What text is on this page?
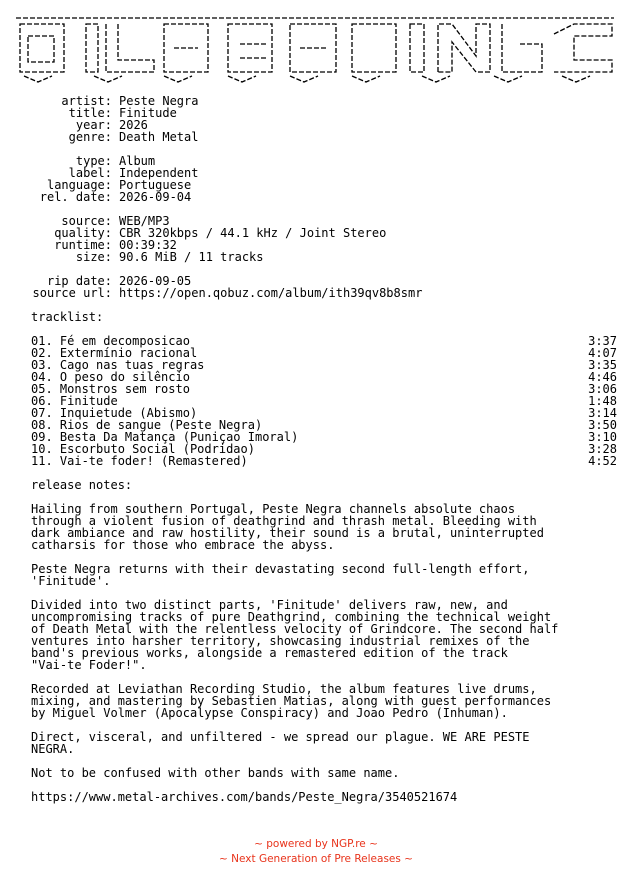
artist: Peste Negra
title: Finitude
year: 2026
genre: Death Metal
type: Album
label: Independent
language: Portuguese
rel. date: 2026-09-04
source: WEB/MP3
quality: CBR 320kbps / 44.1 kHz / Joint Stereo
runtime: 00:39:32
size: 90.6 MiB / 11 tracks
rip date: 2026-09-05
source url: https://open.qobuz.com/album/ith39qv8b8smr
tracklist:
01. Fé em decomposicao	3:37
02. Extermínio racional	4:07
03. Cago nas tuas regras	3:35
04. O peso do silêncio	4:46
05. Monstros sem rosto	3:06
06. Finitude	1:48
07. Inquietude (Abismo)	3:14
08. Rios de sangue (Peste Negra)	3:50
09. Besta Da Matança (Puniçao Imoral)	3:10
10. Escorbuto Social (Podridao)	3:28
11. Vai-te foder! (Remastered)	4:52
release notes:
Hailing from southern Portugal, Peste Negra channels absolute chaos
through a violent fusion of deathgrind and thrash metal. Bleeding with
dark ambiance and raw hostility, their sound is a brutal, uninterrupted
catharsis for those who embrace the abyss.
Peste Negra returns with their devastating second full-length effort,
'Finitude'.
Divided into two distinct parts, 'Finitude' delivers raw, new, and
uncompromising tracks of pure Deathgrind, combining the technical weight
of Death Metal with the relentless velocity of Grindcore. The second half
ventures into harsher territory, showcasing industrial remixes of the
band's previous works, alongside a remastered edition of the track
"Vai-te Foder!".
Recorded at Leviathan Recording Studio, the album features live drums,
mixing, and mastering by Sebastien Matias, along with guest performances
by Miguel Volmer (Apocalypse Conspiracy) and Joao Pedro (Inhuman).
Direct, visceral, and unfiltered - we spread our plague. WE ARE PESTE
NEGRA.
Not to be confused with other bands with same name.
https://www.metal-archives.com/bands/Peste_Negra/3540521674
~ powered by NGP.re ~
~ Next Generation of Pre Releases ~
